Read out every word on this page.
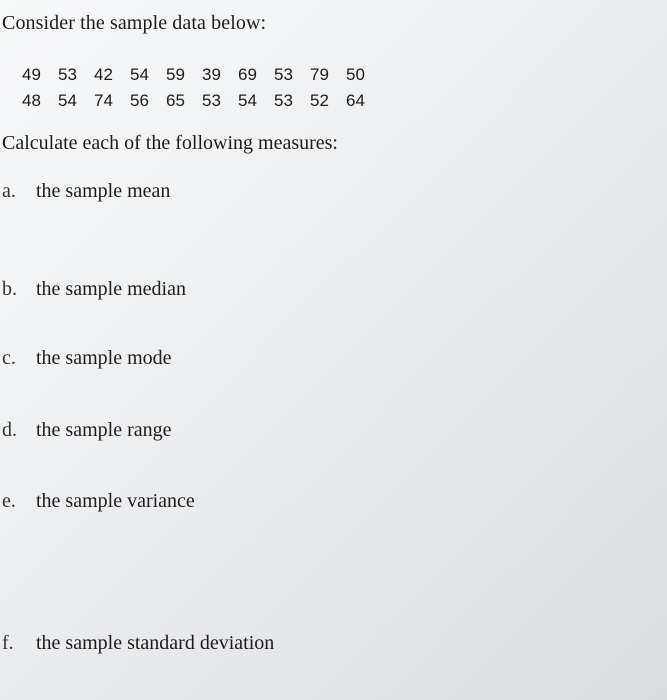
Consider the sample data below:
49	53	42	54	59	39	69	53	79	50
48	54	74	56	65	53	54	53	52	64
Calculate each of the following measures:
a.	the sample mean
b. the sample median
c.	the sample mode
d. the sample range
e.	the sample variance
f.	the sample standard deviation
